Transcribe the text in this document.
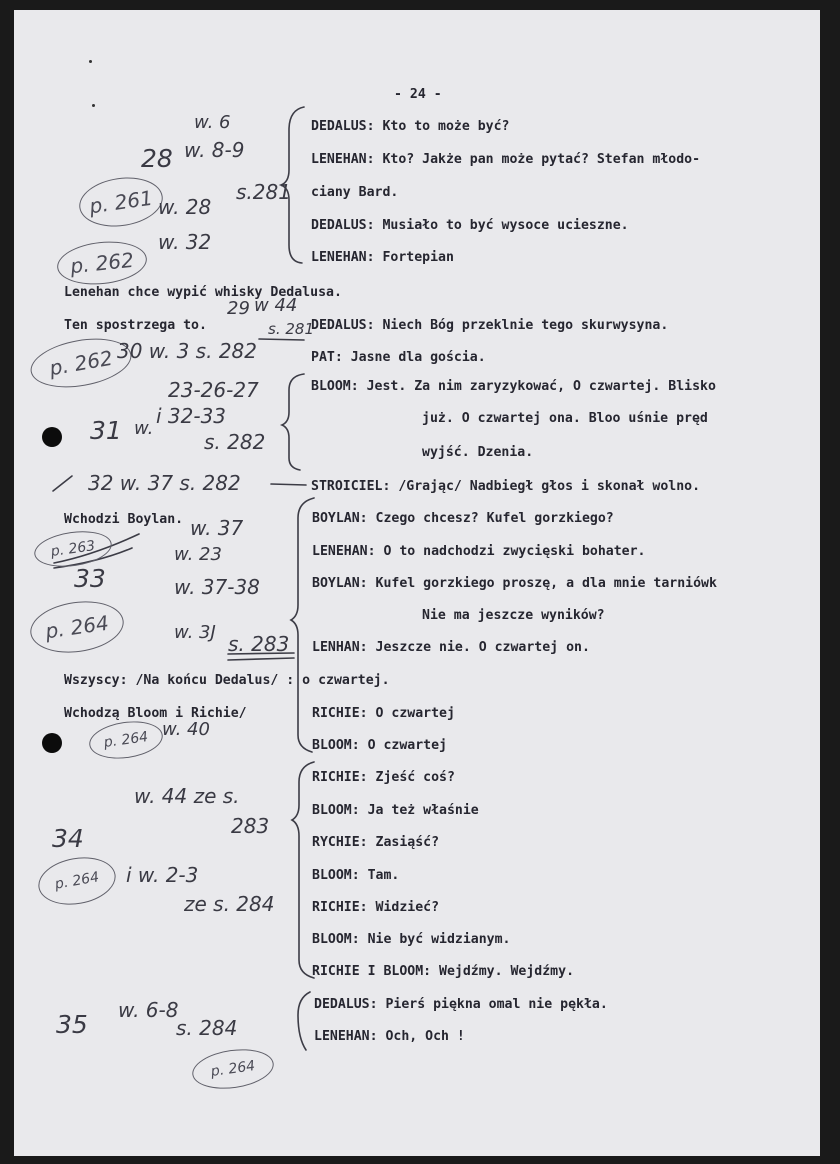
- 24 -
DEDALUS: Kto to może być?
LENEHAN: Kto? Jakże pan może pytać? Stefan młodo-
ciany Bard.
DEDALUS: Musiało to być wysoce ucieszne.
LENEHAN: Fortepian
Lenehan chce wypić whisky Dedalusa.
Ten spostrzega to.	DEDALUS: Niech Bóg przeklnie tego skurwysyna.
PAT: Jasne dla gościa.
BLOOM: Jest. Za nim zaryzykować, O czwartej. Blisko
już. O czwartej ona. Bloo uśnie pręd
wyjść. Dzenia.
STROICIEL: /Grając/ Nadbiegł głos i skonał wolno.
Wchodzi Boylan.	BOYLAN: Czego chcesz? Kufel gorzkiego?
LENEHAN: O to nadchodzi zwycięski bohater.
BOYLAN: Kufel gorzkiego proszę, a dla mnie tarniówk
Nie ma jeszcze wyników?
LENHAN: Jeszcze nie. O czwartej on.
Wszyscy: /Na końcu Dedalus/ : o czwartej.
Wchodzą Bloom i Richie/	RICHIE: O czwartej
BLOOM: O czwartej
RICHIE: Zjeść coś?
BLOOM: Ja też właśnie
RYCHIE: Zasiąść?
BLOOM: Tam.
RICHIE: Widzieć?
BLOOM: Nie być widzianym.
RICHIE I BLOOM: Wejdźmy. Wejdźmy.
DEDALUS: Pierś piękna omal nie pękła.
LENEHAN: Och, Och !
w. 6
28 w. 8-9
p. 261 w. 28
s.281
w. 32
p. 262
29 w 44
s. 281
p. 262 30 w. 3 s. 282
23-26-27
31 w.
i 32-33
s. 282
32 w. 37 s. 282
w. 37
p. 263	w. 23
33	w. 37-38
p. 264	w. 3J s. 283
p. 264 w. 40
w. 44 ze s.
283
34
p. 264	i w. 2-3
ze s. 284
35 w. 6-8
s. 284
p. 264
